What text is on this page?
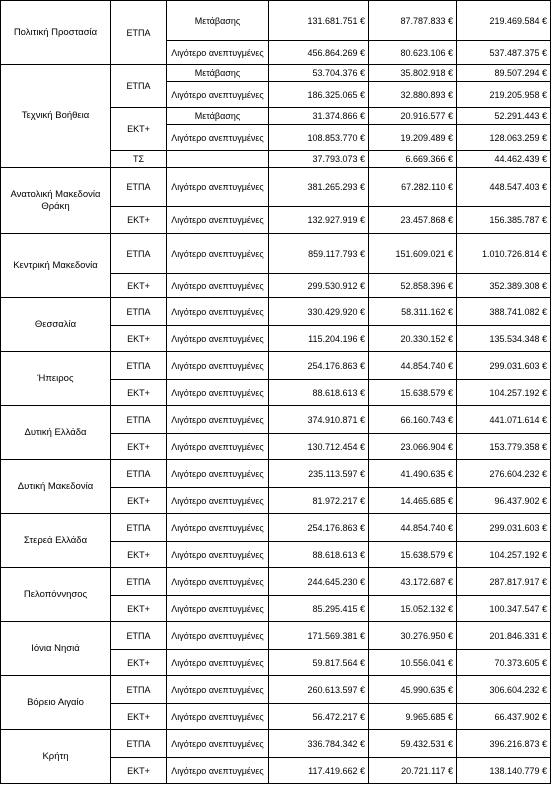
Πολιτική Προστασία	ΕΤΠΑ	Μετάβασης	131.681.751 €	87.787.833 €	219.469.584 €
		Λιγότερο ανεπτυγμένες	456.864.269 €	80.623.106 €	537.487.375 €
Τεχνική Βοήθεια	ΕΤΠΑ	Μετάβασης	53.704.376 €	35.802.918 €	89.507.294 €
		Λιγότερο ανεπτυγμένες	186.325.065 €	32.880.893 €	219.205.958 €
	ΕΚΤ+	Μετάβασης	31.374.866 €	20.916.577 €	52.291.443 €
		Λιγότερο ανεπτυγμένες	108.853.770 €	19.209.489 €	128.063.259 €
	ΤΣ		37.793.073 €	6.669.366 €	44.462.439 €
Ανατολική Μακεδονία Θράκη	ΕΤΠΑ	Λιγότερο ανεπτυγμένες	381.265.293 €	67.282.110 €	448.547.403 €
	ΕΚΤ+	Λιγότερο ανεπτυγμένες	132.927.919 €	23.457.868 €	156.385.787 €
Κεντρική Μακεδονία	ΕΤΠΑ	Λιγότερο ανεπτυγμένες	859.117.793 €	151.609.021 €	1.010.726.814 €
	ΕΚΤ+	Λιγότερο ανεπτυγμένες	299.530.912 €	52.858.396 €	352.389.308 €
Θεσσαλία	ΕΤΠΑ	Λιγότερο ανεπτυγμένες	330.429.920 €	58.311.162 €	388.741.082 €
	ΕΚΤ+	Λιγότερο ανεπτυγμένες	115.204.196 €	20.330.152 €	135.534.348 €
Ήπειρος	ΕΤΠΑ	Λιγότερο ανεπτυγμένες	254.176.863 €	44.854.740 €	299.031.603 €
	ΕΚΤ+	Λιγότερο ανεπτυγμένες	88.618.613 €	15.638.579 €	104.257.192 €
Δυτική Ελλάδα	ΕΤΠΑ	Λιγότερο ανεπτυγμένες	374.910.871 €	66.160.743 €	441.071.614 €
	ΕΚΤ+	Λιγότερο ανεπτυγμένες	130.712.454 €	23.066.904 €	153.779.358 €
Δυτική Μακεδονία	ΕΤΠΑ	Λιγότερο ανεπτυγμένες	235.113.597 €	41.490.635 €	276.604.232 €
	ΕΚΤ+	Λιγότερο ανεπτυγμένες	81.972.217 €	14.465.685 €	96.437.902 €
Στερεά Ελλάδα	ΕΤΠΑ	Λιγότερο ανεπτυγμένες	254.176.863 €	44.854.740 €	299.031.603 €
	ΕΚΤ+	Λιγότερο ανεπτυγμένες	88.618.613 €	15.638.579 €	104.257.192 €
Πελοπόννησος	ΕΤΠΑ	Λιγότερο ανεπτυγμένες	244.645.230 €	43.172.687 €	287.817.917 €
	ΕΚΤ+	Λιγότερο ανεπτυγμένες	85.295.415 €	15.052.132 €	100.347.547 €
Ιόνια Νησιά	ΕΤΠΑ	Λιγότερο ανεπτυγμένες	171.569.381 €	30.276.950 €	201.846.331 €
	ΕΚΤ+	Λιγότερο ανεπτυγμένες	59.817.564 €	10.556.041 €	70.373.605 €
Βόρειο Αιγαίο	ΕΤΠΑ	Λιγότερο ανεπτυγμένες	260.613.597 €	45.990.635 €	306.604.232 €
	ΕΚΤ+	Λιγότερο ανεπτυγμένες	56.472.217 €	9.965.685 €	66.437.902 €
Κρήτη	ΕΤΠΑ	Λιγότερο ανεπτυγμένες	336.784.342 €	59.432.531 €	396.216.873 €
	ΕΚΤ+	Λιγότερο ανεπτυγμένες	117.419.662 €	20.721.117 €	138.140.779 €
